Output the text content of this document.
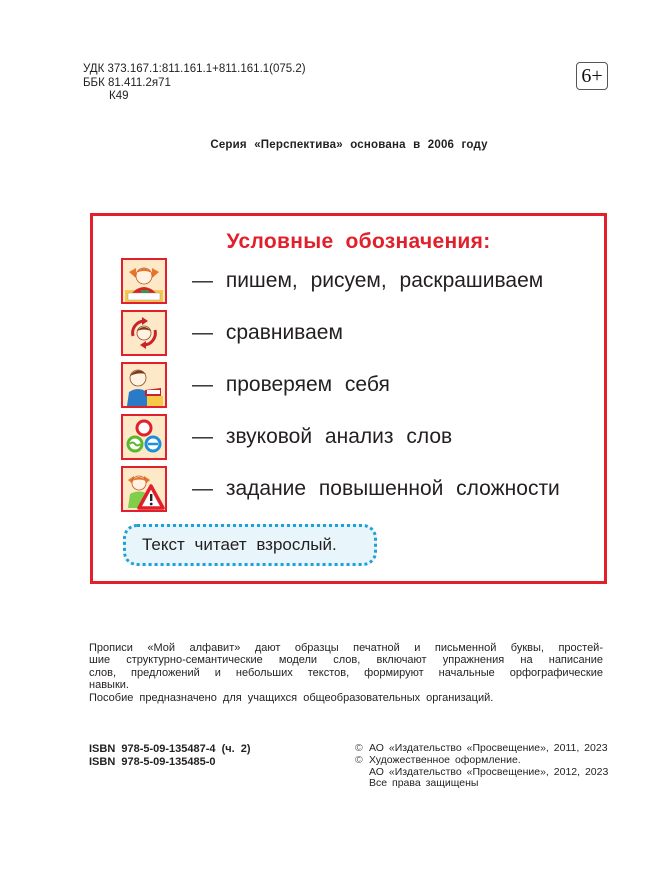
УДК 373.167.1:811.161.1+811.161.1(075.2)
ББК 81.411.2я71
К49
6+
Серия «Перспектива» основана в 2006 году
Условные обозначения:
— пишем, рисуем, раскрашиваем
— сравниваем
— проверяем себя
— звуковой анализ слов
— задание повышенной сложности
Текст читает взрослый.

Прописи «Мой алфавит» дают образцы печатной и письменной буквы, простей-

шие структурно-семантические модели слов, включают упражнения на написание

слов, предложений и небольших текстов, формируют начальные орфографические

навыки.

Пособие предназначено для учащихся общеобразовательных организаций.

ISBN 978-5-09-135487-4 (ч. 2)
ISBN 978-5-09-135485-0
© АО «Издательство «Просвещение», 2011, 2023
© Художественное оформление.
АО «Издательство «Просвещение», 2012, 2023
Все права защищены
